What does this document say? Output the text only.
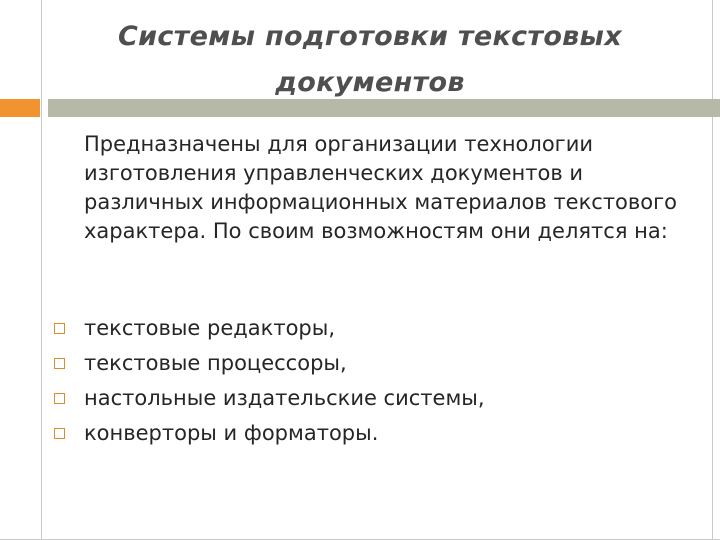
Системы подготовки текстовых документов
Предназначены для организации технологии изготовления управленческих документов и различных информационных материалов текстового характера. По своим возможностям они делятся на:
текстовые редакторы,
текстовые процессоры,
настольные издательские системы,
конверторы и форматоры.
